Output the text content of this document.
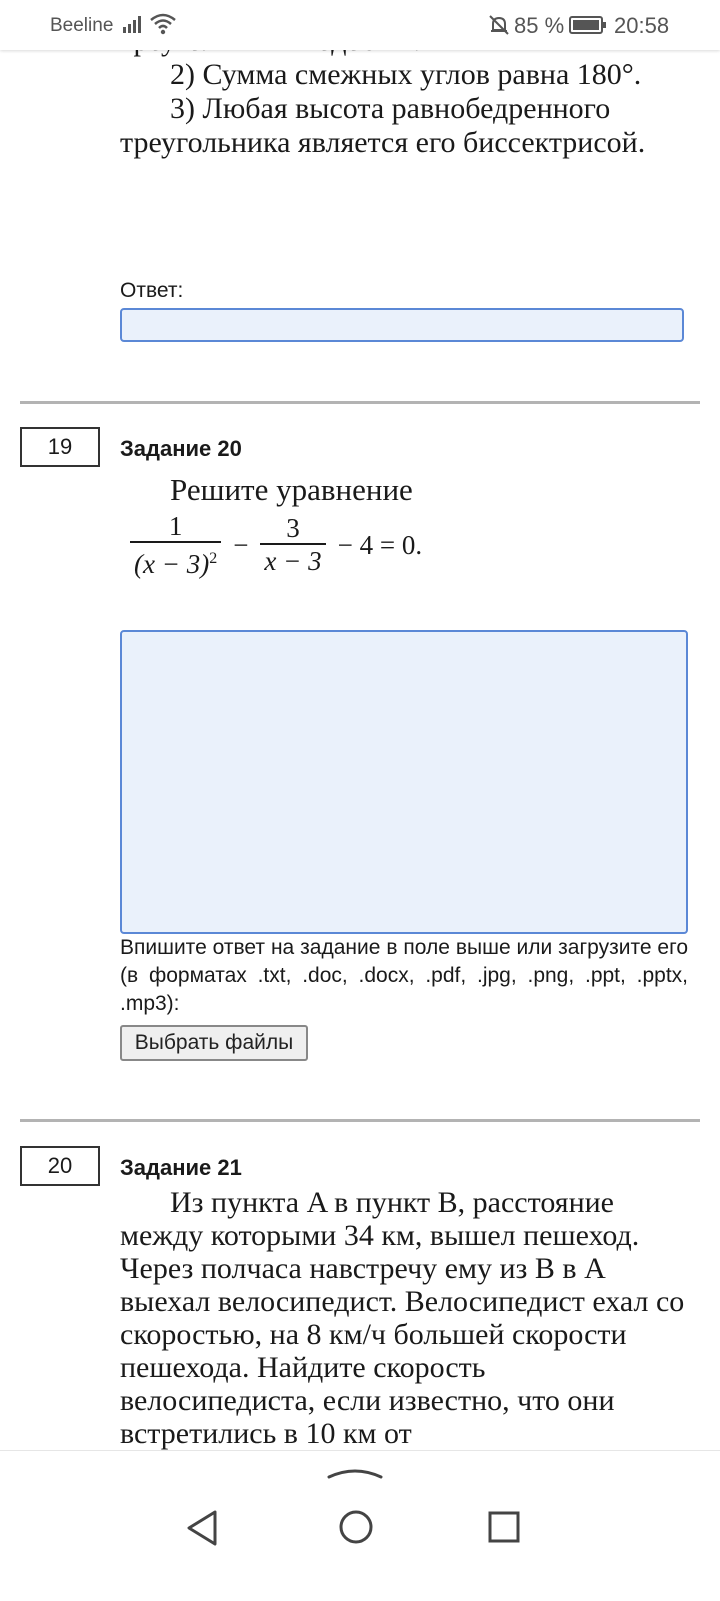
Beeline	85 % 20:58

2) Сумма смежных углов равна 180°.

3) Любая высота равнобедренного треугольника является его биссектрисой.

Ответ:
19	Задание 20
Решите уравнение
$\frac{1}{(x - 3)^2} - \frac{3}{x - 3} - 4 = 0$.
Впишите ответ на задание в поле выше или загрузите его (в форматах .txt, .doc, .docx, .pdf, .jpg, .png, .ppt, .pptx, .mp3):
Выбрать файлы
20	Задание 21
Из пункта A в пункт B, расстояние между которыми 34 км, вышел пешеход. Через полчаса навстречу ему из B в A выехал велосипедист. Велосипедист ехал со скоростью, на 8 км/ч большей скорости пешехода. Найдите скорость велосипедиста, если известно, что они встретились в 10 км от
